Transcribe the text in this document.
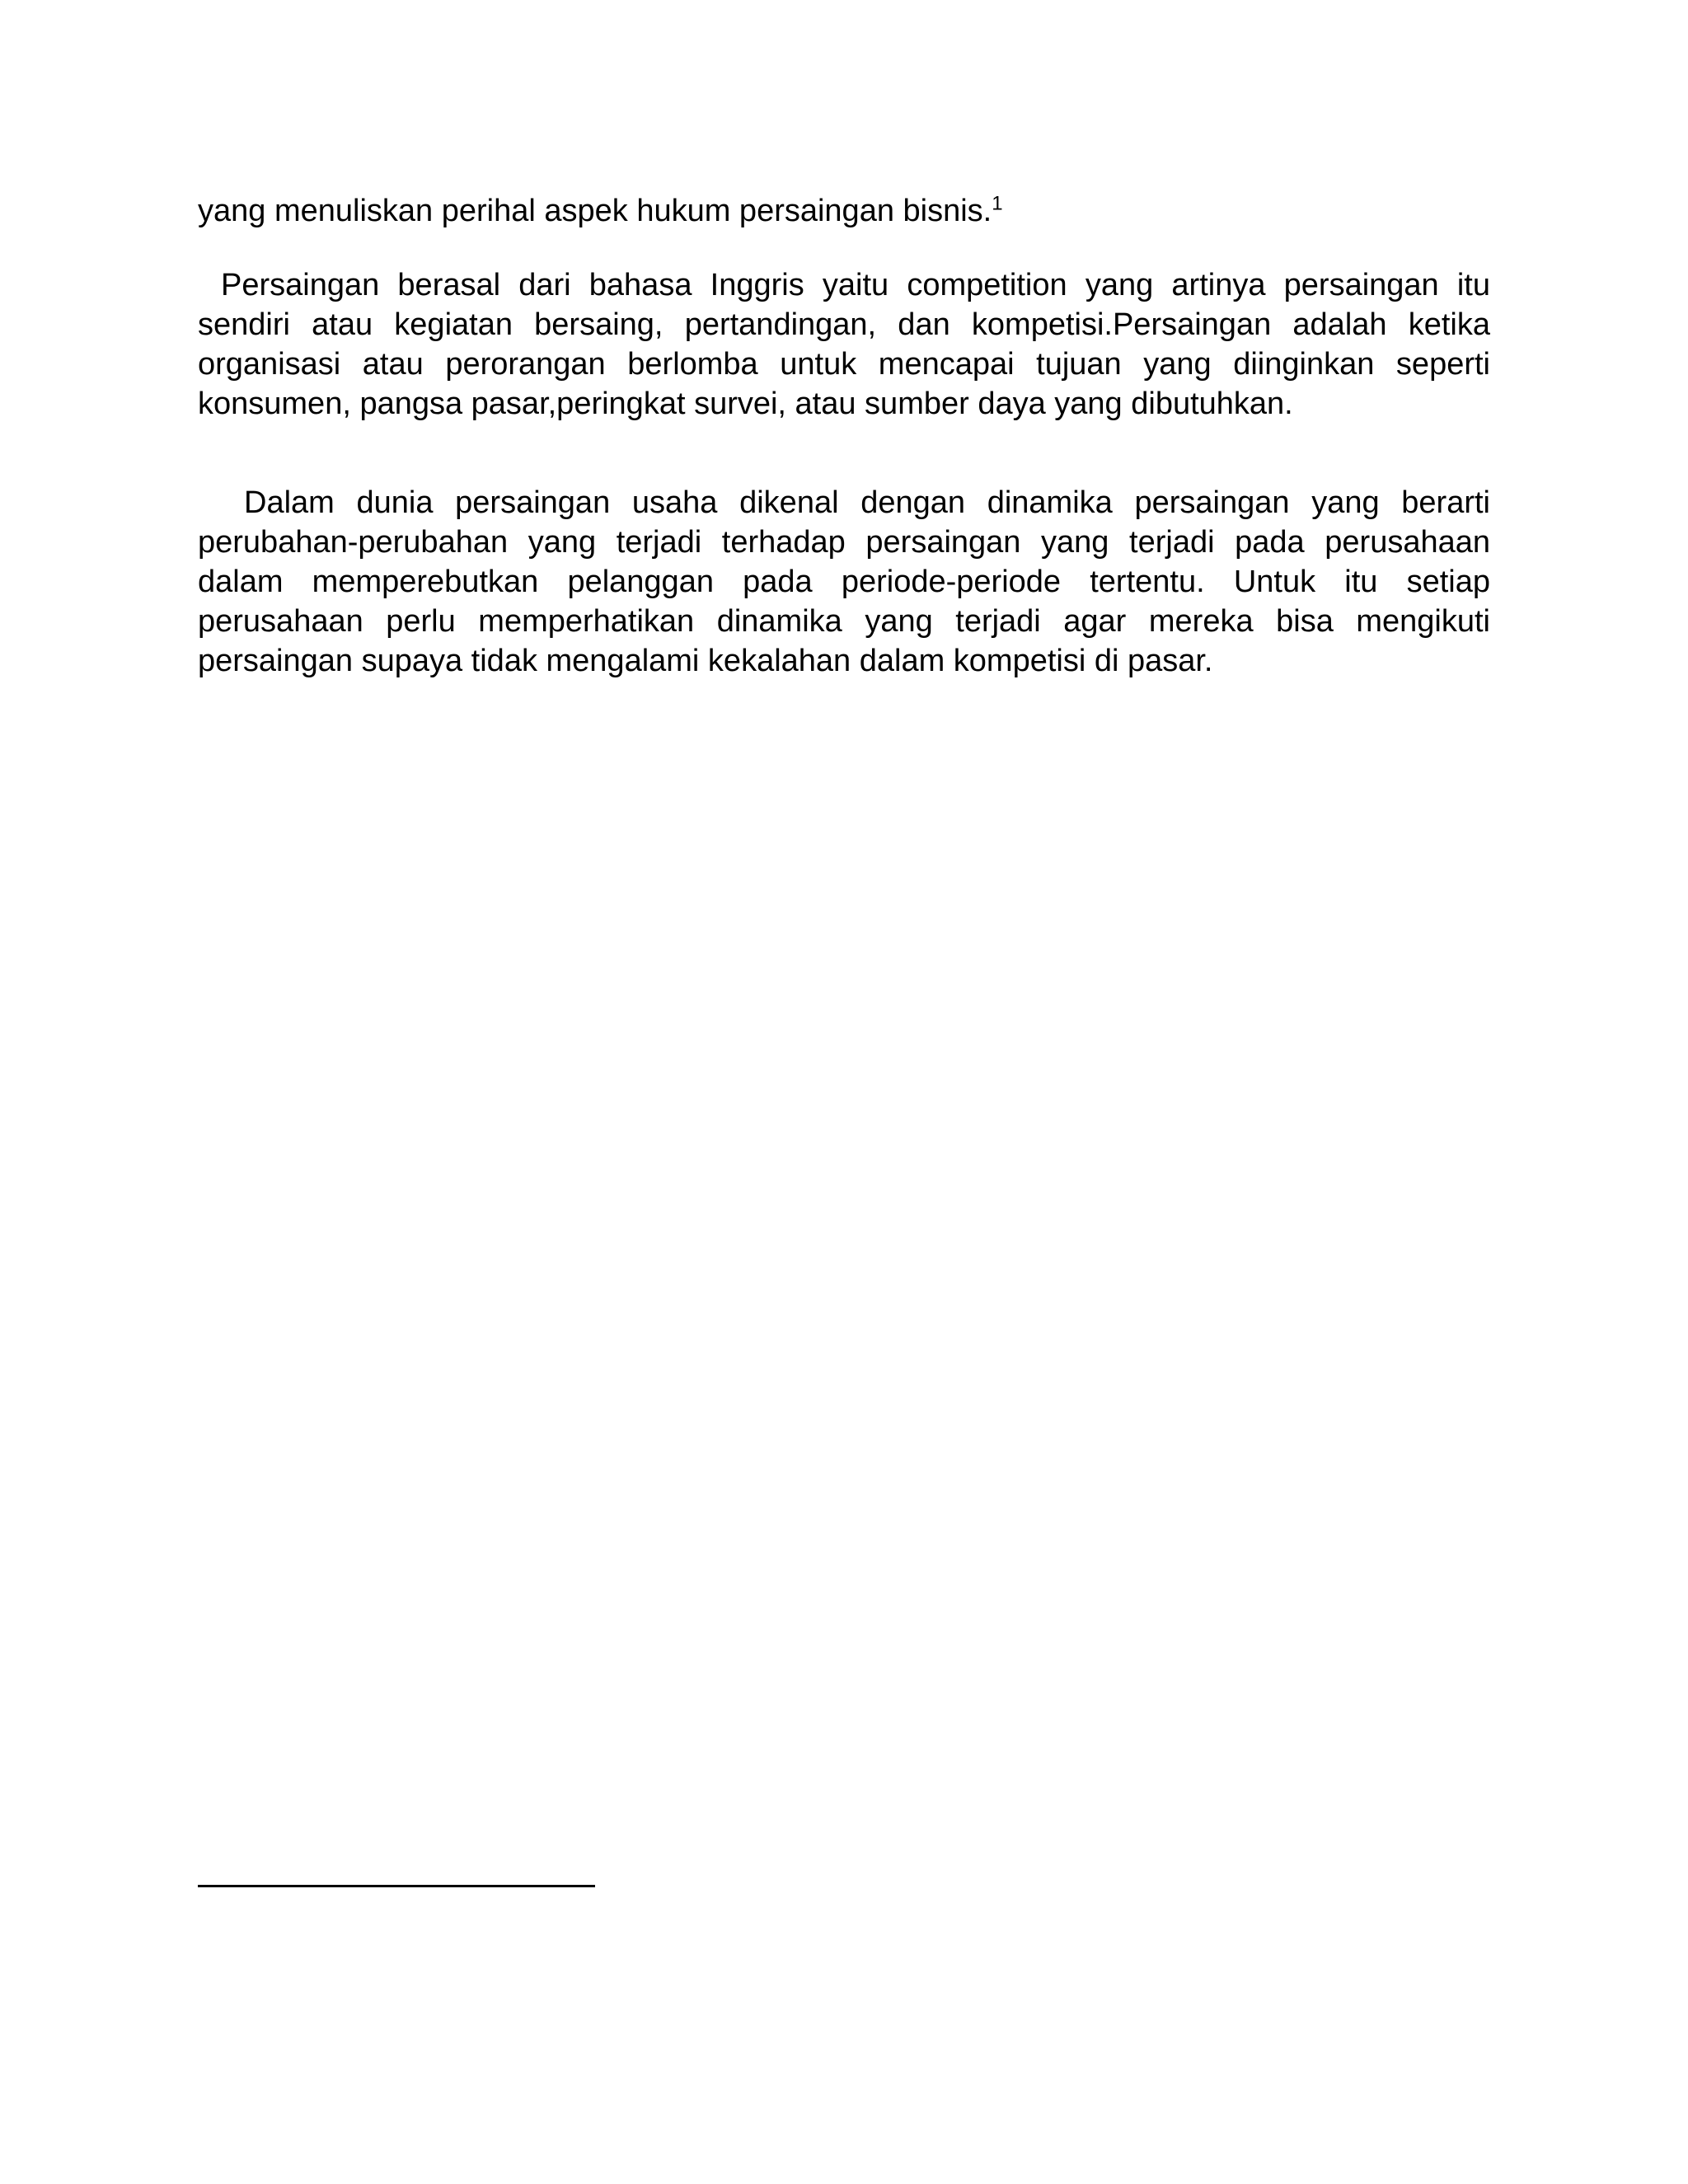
yang menuliskan perihal aspek hukum persaingan bisnis.$^1$

Persaingan berasal dari bahasa Inggris yaitu competition yang artinya persaingan itu sendiri atau kegiatan bersaing, pertandingan, dan kompetisi.Persaingan adalah ketika organisasi atau perorangan berlomba untuk mencapai tujuan yang diinginkan seperti konsumen, pangsa pasar,peringkat survei, atau sumber daya yang dibutuhkan.

Dalam dunia persaingan usaha dikenal dengan dinamika persaingan yang berarti perubahan-perubahan yang terjadi terhadap persaingan yang terjadi pada perusahaan dalam memperebutkan pelanggan pada periode-periode tertentu. Untuk itu setiap perusahaan perlu memperhatikan dinamika yang terjadi agar mereka bisa mengikuti persaingan supaya tidak mengalami kekalahan dalam kompetisi di pasar.
